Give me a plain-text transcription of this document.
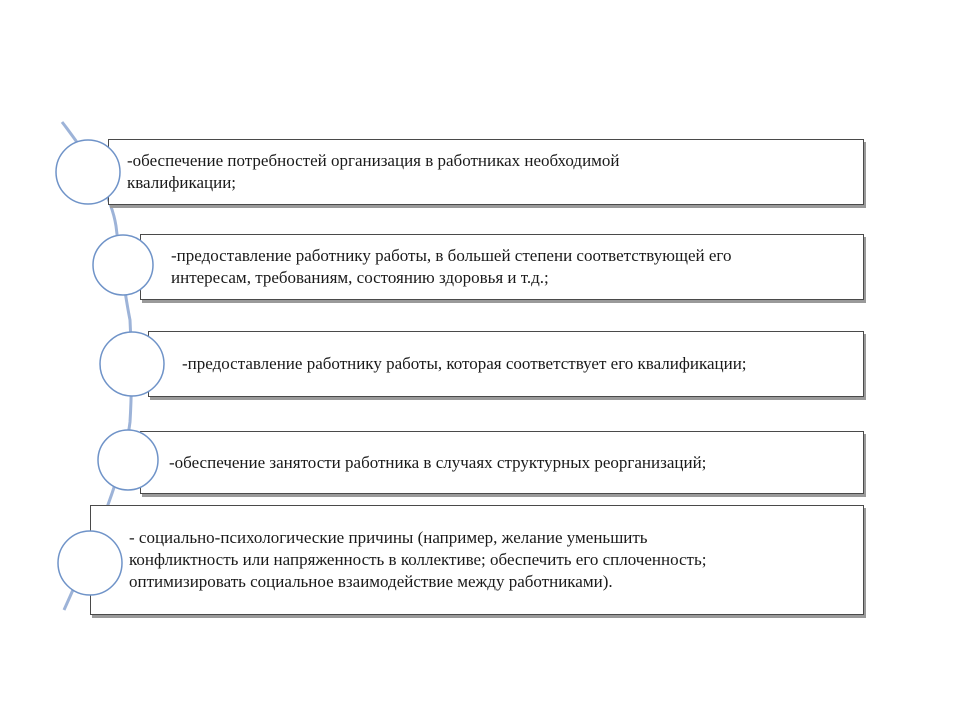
-обеспечение потребностей организация в работниках необходимой
квалификации;
-предоставление работнику работы, в большей степени соответствующей его
интересам, требованиям, состоянию здоровья и т.д.;
-предоставление работнику работы, которая соответствует его квалификации;
-обеспечение занятости работника в случаях структурных реорганизаций;
- социально-психологические причины (например, желание уменьшить
конфликтность или напряженность в коллективе; обеспечить его сплоченность;
оптимизировать социальное взаимодействие между работниками).
